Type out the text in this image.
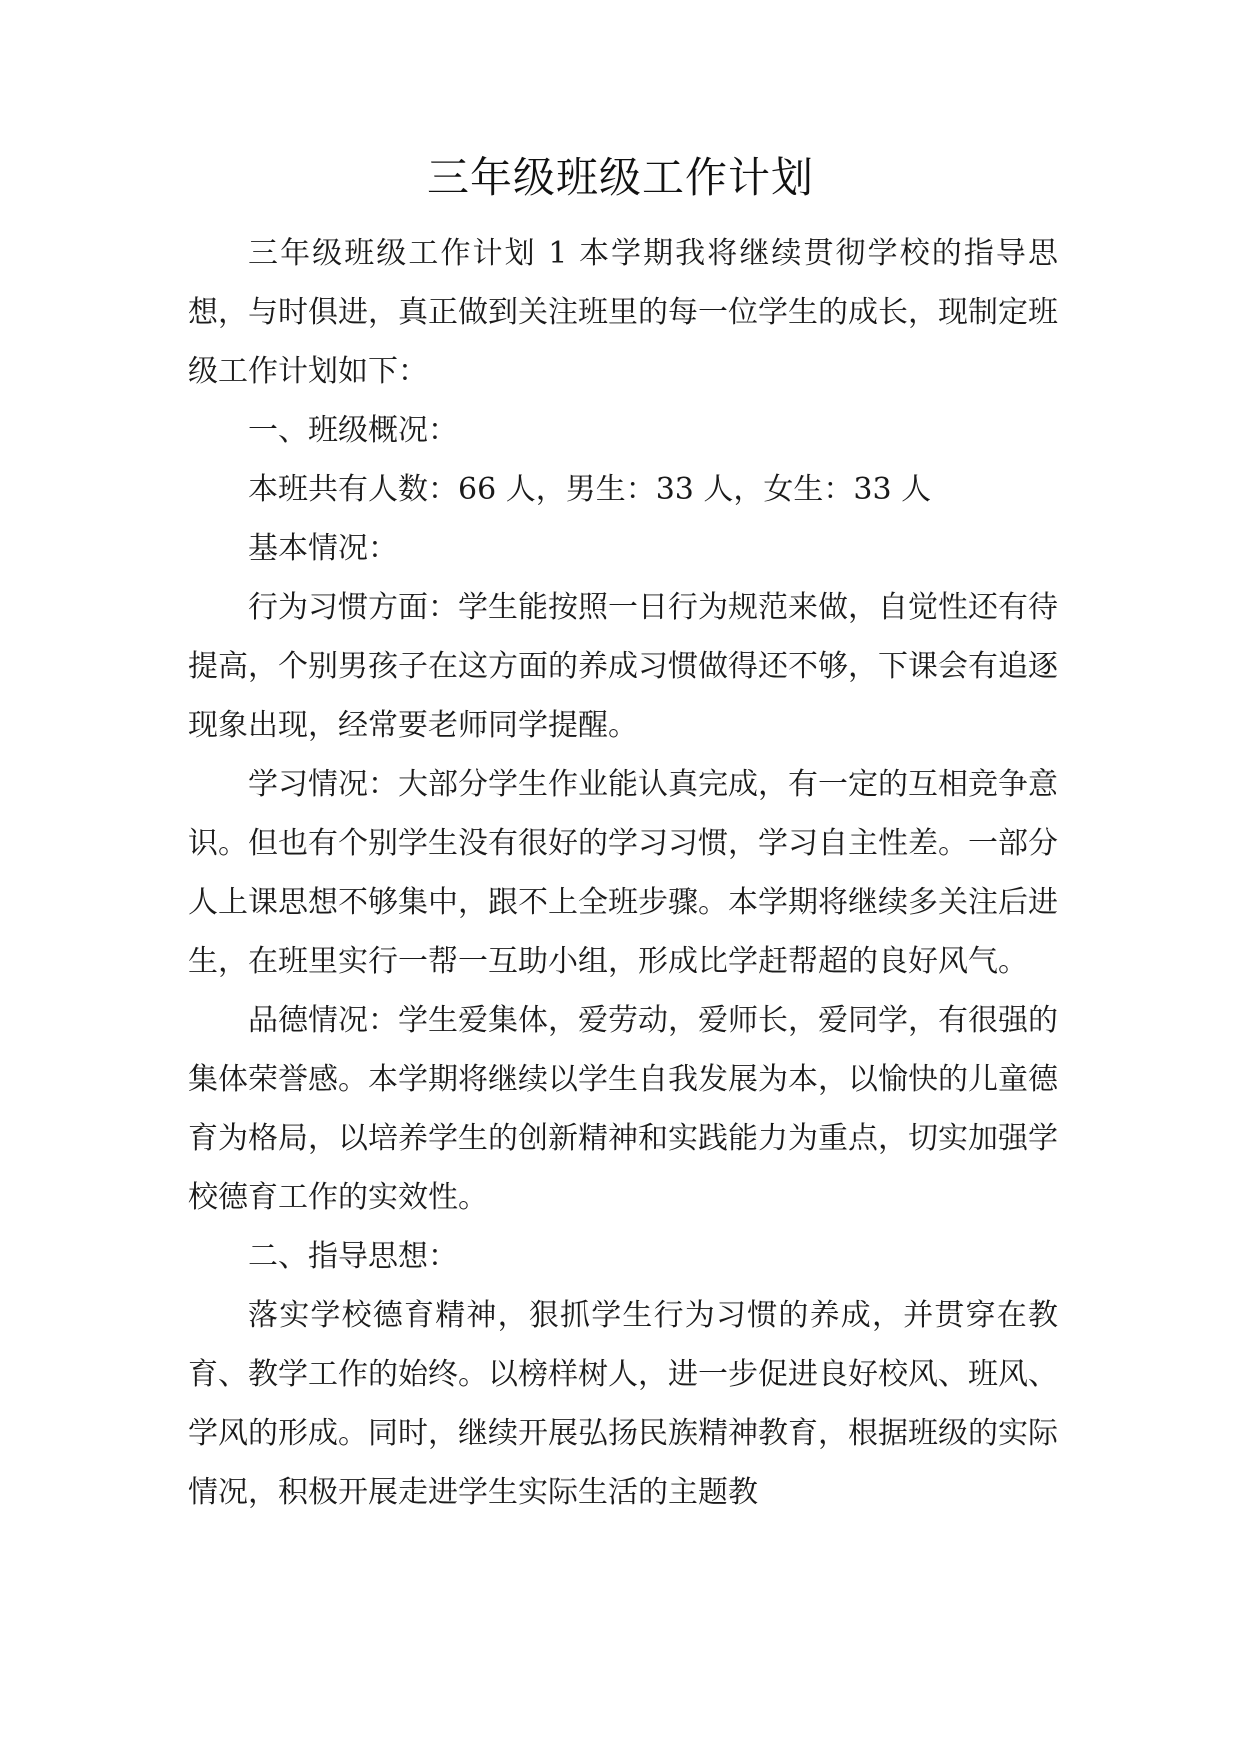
三年级班级工作计划

三年级班级工作计划 1 本学期我将继续贯彻学校的指导思想，与时俱进，真正做到关注班里的每一位学生的成长，现制定班级工作计划如下：

一、班级概况：

本班共有人数：66 人，男生：33 人，女生：33 人

基本情况：

行为习惯方面：学生能按照一日行为规范来做，自觉性还有待提高，个别男孩子在这方面的养成习惯做得还不够，下课会有追逐现象出现，经常要老师同学提醒。

学习情况：大部分学生作业能认真完成，有一定的互相竞争意识。但也有个别学生没有很好的学习习惯，学习自主性差。一部分人上课思想不够集中，跟不上全班步骤。本学期将继续多关注后进生，在班里实行一帮一互助小组，形成比学赶帮超的良好风气。

品德情况：学生爱集体，爱劳动，爱师长，爱同学，有很强的集体荣誉感。本学期将继续以学生自我发展为本，以愉快的儿童德育为格局，以培养学生的创新精神和实践能力为重点，切实加强学校德育工作的实效性。

二、指导思想：

落实学校德育精神，狠抓学生行为习惯的养成，并贯穿在教育、教学工作的始终。以榜样树人，进一步促进良好校风、班风、学风的形成。同时，继续开展弘扬民族精神教育，根据班级的实际情况，积极开展走进学生实际生活的主题教
